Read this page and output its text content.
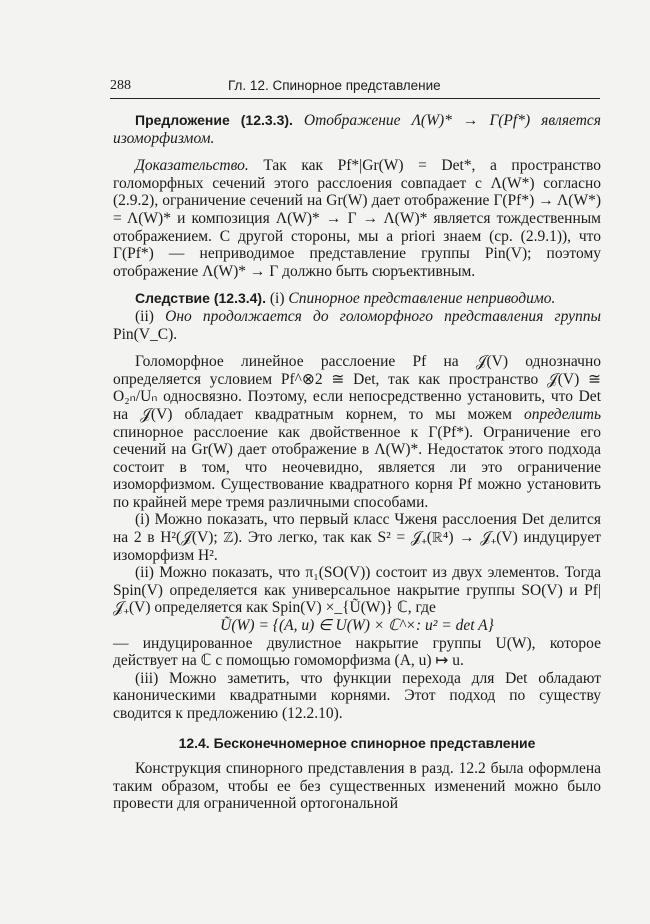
288	Гл. 12. Спинорное представление

Предложение (12.3.3). Отображение Λ(W)* → Γ(Pf*) является изоморфизмом.

Доказательство. Так как Pf*|Gr(W) = Det*, а пространство голоморфных сечений этого расслоения совпадает с Λ(W*) согласно (2.9.2), ограничение сечений на Gr(W) дает отображение Γ(Pf*) → Λ(W*) = Λ(W)* и композиция Λ(W)* → Γ → Λ(W)* является тождественным отображением. С другой стороны, мы a priori знаем (ср. (2.9.1)), что Γ(Pf*) — неприводимое представление группы Pin(V); поэтому отображение Λ(W)* → Γ должно быть сюръективным.

Следствие (12.3.4). (i) Спинорное представление неприводимо.

(ii) Оно продолжается до голоморфного представления группы Pin(V_C).

Голоморфное линейное расслоение Pf на 𝒥(V) однозначно определяется условием Pf^⊗2 ≅ Det, так как пространство 𝒥(V) ≅ O₂ₙ/Uₙ односвязно. Поэтому, если непосредственно установить, что Det на 𝒥(V) обладает квадратным корнем, то мы можем определить спинорное расслоение как двойственное к Γ(Pf*). Ограничение его сечений на Gr(W) дает отображение в Λ(W)*. Недостаток этого подхода состоит в том, что неочевидно, является ли это ограничение изоморфизмом. Существование квадратного корня Pf можно установить по крайней мере тремя различными способами.

(i) Можно показать, что первый класс Чженя расслоения Det делится на 2 в H²(𝒥(V); ℤ). Это легко, так как S² = 𝒥₊(ℝ⁴) → 𝒥₊(V) индуцирует изоморфизм H².

(ii) Можно показать, что π₁(SO(V)) состоит из двух элементов. Тогда Spin(V) определяется как универсальное накрытие группы SO(V) и Pf|𝒥₊(V) определяется как Spin(V) ×_{Ũ(W)} ℂ, где

Ũ(W) = {(A, u) ∈ U(W) × ℂ^×: u² = det A}

— индуцированное двулистное накрытие группы U(W), которое действует на ℂ с помощью гомоморфизма (A, u) ↦ u.

(iii) Можно заметить, что функции перехода для Det обладают каноническими квадратными корнями. Этот подход по существу сводится к предложению (12.2.10).

12.4. Бесконечномерное спинорное представление

Конструкция спинорного представления в разд. 12.2 была оформлена таким образом, чтобы ее без существенных изменений можно было провести для ограниченной ортогональной
